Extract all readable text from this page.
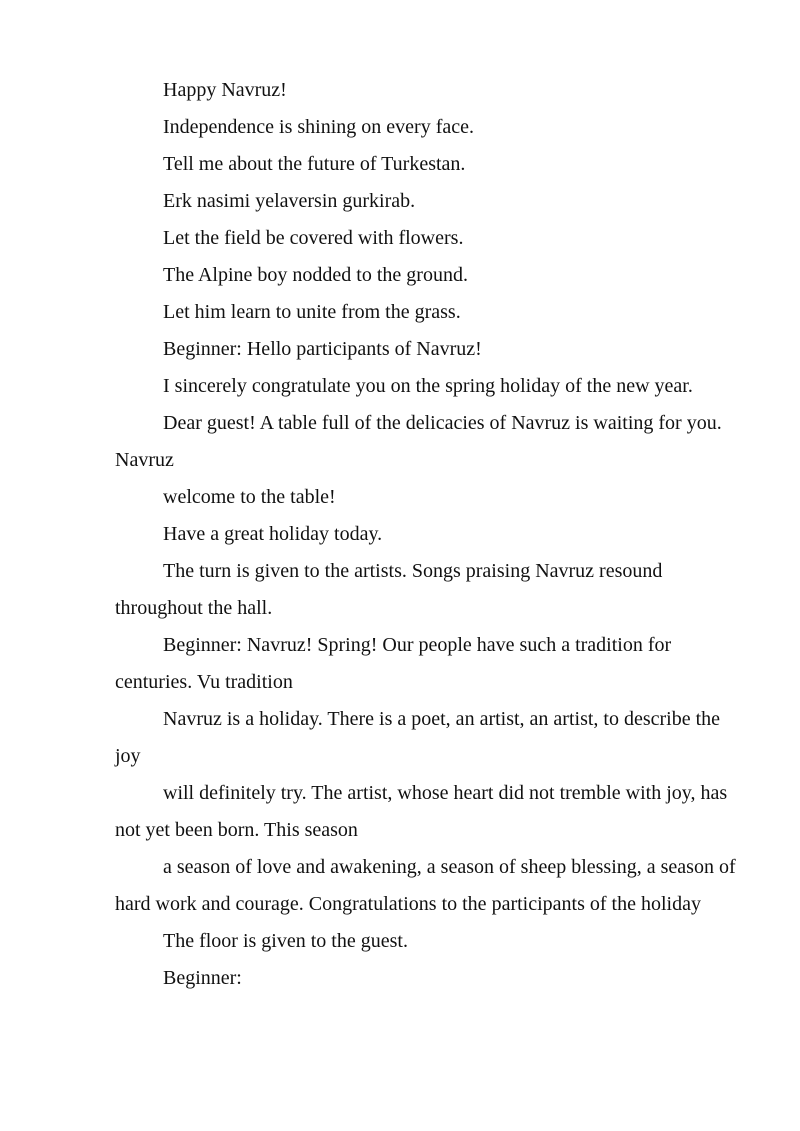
Happy Navruz!

Independence is shining on every face.

Tell me about the future of Turkestan.

Erk nasimi yelaversin gurkirab.

Let the field be covered with flowers.

The Alpine boy nodded to the ground.

Let him learn to unite from the grass.

Beginner: Hello participants of Navruz!

I sincerely congratulate you on the spring holiday of the new year.

Dear guest! A table full of the delicacies of Navruz is waiting for you. Navruz

welcome to the table!

Have a great holiday today.

The turn is given to the artists. Songs praising Navruz resound throughout the hall.

Beginner: Navruz! Spring! Our people have such a tradition for centuries. Vu tradition

Navruz is a holiday. There is a poet, an artist, an artist, to describe the joy

will definitely try. The artist, whose heart did not tremble with joy, has not yet been born. This season

a season of love and awakening, a season of sheep blessing, a season of hard work and courage. Congratulations to the participants of the holiday

The floor is given to the guest.

Beginner:
